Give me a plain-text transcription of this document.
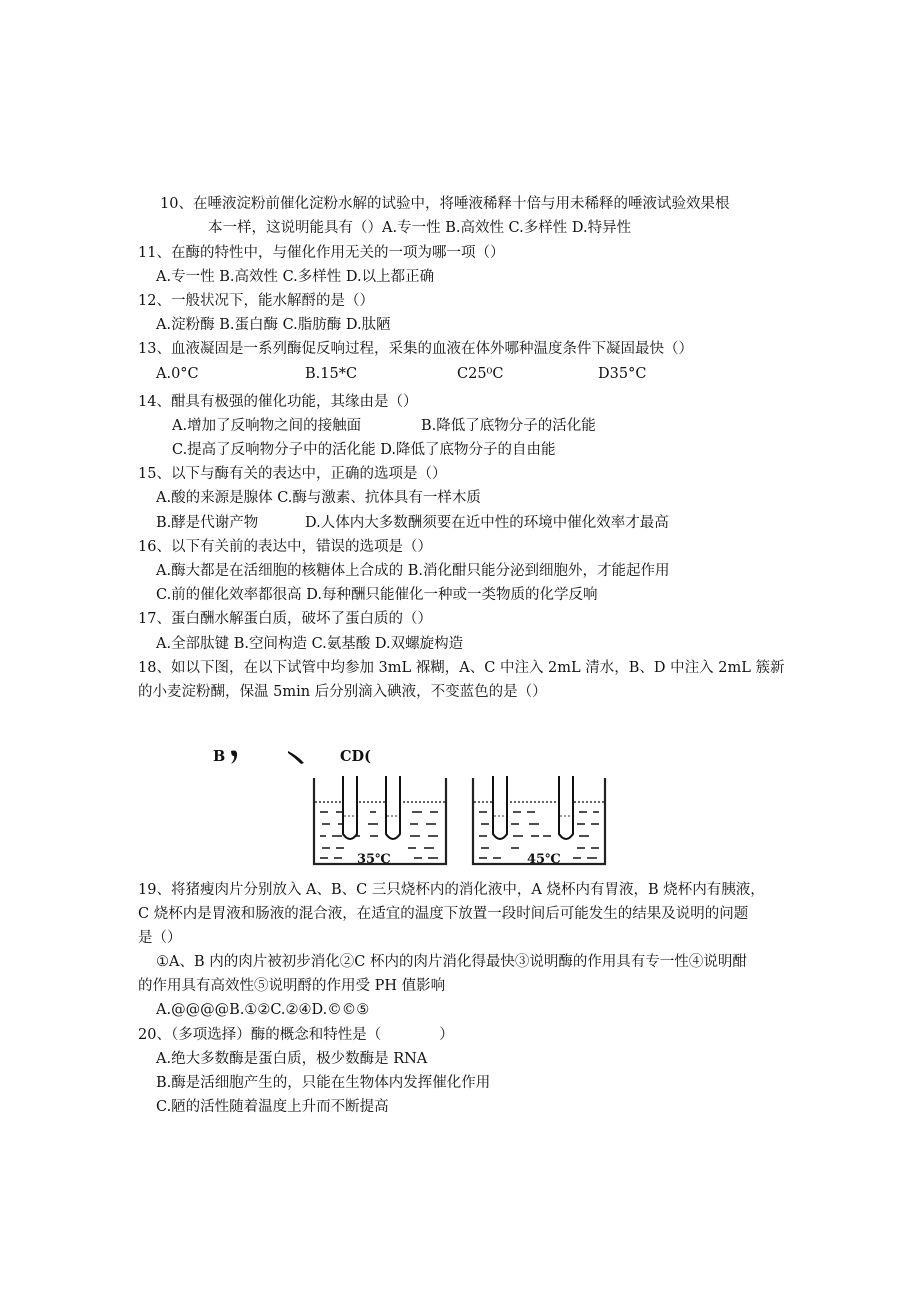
10、在唾液淀粉前催化淀粉水解的试验中，将唾液稀释十倍与用未稀释的唾液试验效果根
本一样，这说明能具有（）A.专一性 B.高效性 C.多样性 D.特异性
11、在酶的特性中，与催化作用无关的一项为哪一项（）
A.专一性 B.高效性 C.多样性 D.以上都正确
12、一般状况下，能水解酹的是（）
A.淀粉酶 B.蛋白酶 C.脂肪酶 D.肽陋
13、血液凝固是一系列酶促反响过程，采集的血液在体外哪种温度条件下凝固最快（）
A.0°C	B.15*C	C25⁰C	D35°C
14、酣具有极强的催化功能，其缘由是（）
A.增加了反响物之间的接触面	B.降低了底物分子的活化能
C.提高了反响物分子中的活化能 D.降低了底物分子的自由能
15、以下与酶有关的表达中，正确的选项是（）
A.酸的来源是腺体 C.酶与激素、抗体具有一样木质
B.酵是代谢产物	D.人体内大多数酬须要在近中性的环境中催化效率才最高
16、以下有关前的表达中，错误的选项是（）
A.酶大都是在活细胞的核糖体上合成的 B.消化酣只能分泌到细胞外，才能起作用
C.前的催化效率都很高 D.每种酬只能催化一种或一类物质的化学反响
17、蛋白酬水解蛋白质，破坏了蛋白质的（）
A.全部肽键 B.空间构造 C.氨基酸 D.双螺旋构造
18、如以下图，在以下试管中均参加 3mL 褓糊，A、C 中注入 2mL 清水，B、D 中注入 2mL 簇新
的小麦淀粉醐，保温 5min 后分别滴入碘液，不变蓝色的是（）
B	CD(
35℃	45℃
19、将猪瘦肉片分别放入 A、B、C 三只烧杯内的消化液中，A 烧杯内有胃液，B 烧杯内有胰液，
C 烧杯内是胃液和肠液的混合液，在适宜的温度下放置一段时间后可能发生的结果及说明的问题
是（）
①A、B 内的肉片被初步消化②C 杯内的肉片消化得最快③说明酶的作用具有专一性④说明酣
的作用具有高效性⑤说明酹的作用受 PH 值影响
A.@@@@B.①②C.②④D.©©⑤
20、（多项选择）酶的概念和特性是（　　　　）
A.绝大多数酶是蛋白质，极少数酶是 RNA
B.酶是活细胞产生的，只能在生物体内发挥催化作用
C.陋的活性随着温度上升而不断提高
